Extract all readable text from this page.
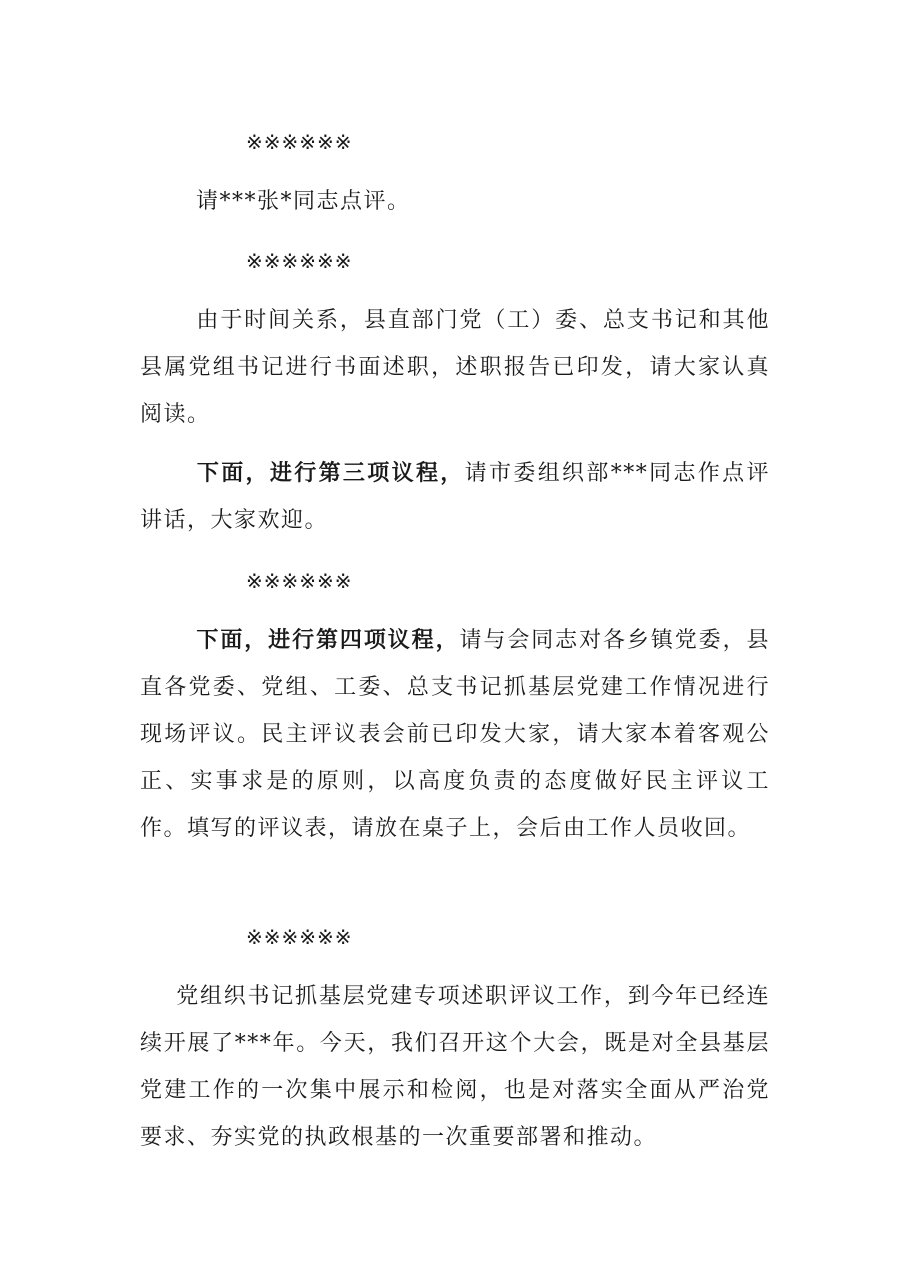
※※※※※※

请***张*同志点评。

※※※※※※

由于时间关系，县直部门党（工）委、总支书记和其他县属党组书记进行书面述职，述职报告已印发，请大家认真阅读。

下面，进行第三项议程，请市委组织部***同志作点评讲话，大家欢迎。

※※※※※※

下面，进行第四项议程，请与会同志对各乡镇党委，县直各党委、党组、工委、总支书记抓基层党建工作情况进行现场评议。民主评议表会前已印发大家，请大家本着客观公正、实事求是的原则，以高度负责的态度做好民主评议工作。填写的评议表，请放在桌子上，会后由工作人员收回。

※※※※※※

党组织书记抓基层党建专项述职评议工作，到今年已经连续开展了***年。今天，我们召开这个大会，既是对全县基层党建工作的一次集中展示和检阅，也是对落实全面从严治党要求、夯实党的执政根基的一次重要部署和推动。
